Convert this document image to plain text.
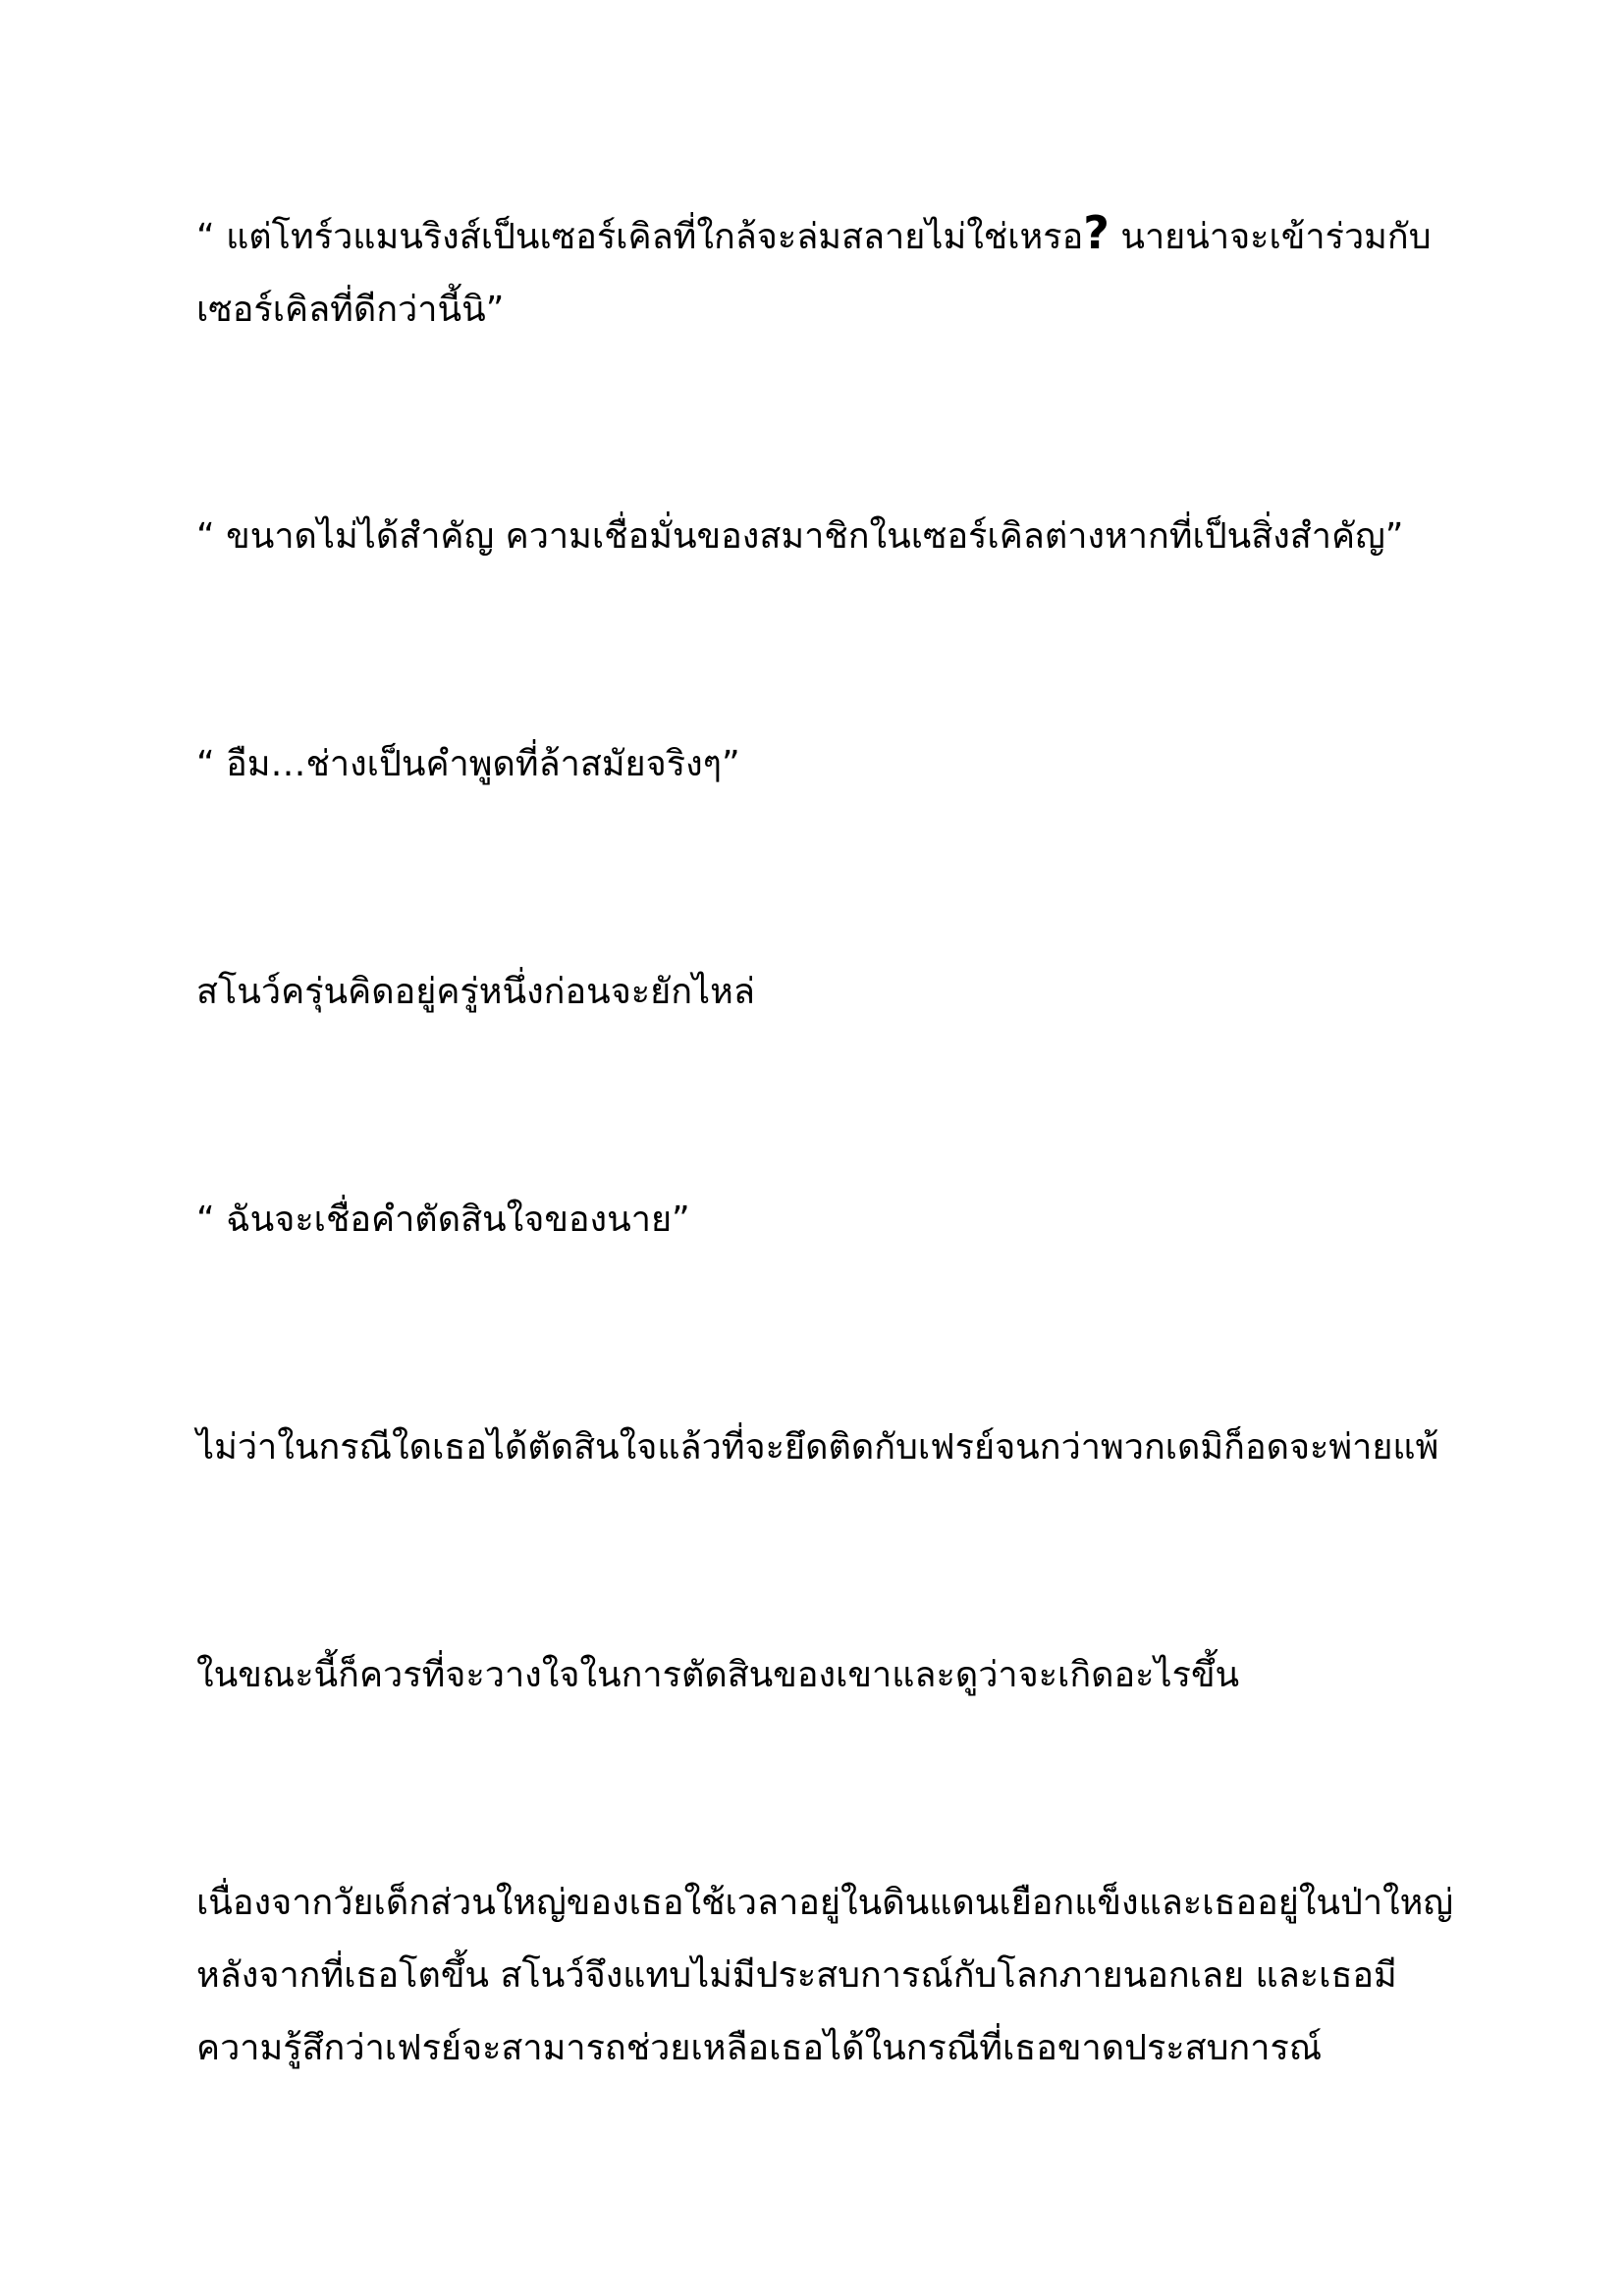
“ แต่โทร์วแมนริงส์เป็นเซอร์เคิลที่ใกล้จะล่มสลายไม่ใช่เหรอ? นายน่าจะเข้าร่วมกับ
เซอร์เคิลที่ดีกว่านี้นิ”

“ ขนาดไม่ได้สำคัญ ความเชื่อมั่นของสมาชิกในเซอร์เคิลต่างหากที่เป็นสิ่งสำคัญ”

“ อืม…ช่างเป็นคำพูดที่ล้าสมัยจริงๆ”

สโนว์ครุ่นคิดอยู่ครู่หนึ่งก่อนจะยักไหล่

“ ฉันจะเชื่อคำตัดสินใจของนาย”

ไม่ว่าในกรณีใดเธอได้ตัดสินใจแล้วที่จะยึดติดกับเฟรย์จนกว่าพวกเดมิก็อดจะพ่ายแพ้

ในขณะนี้ก็ควรที่จะวางใจในการตัดสินของเขาและดูว่าจะเกิดอะไรขึ้น

เนื่องจากวัยเด็กส่วนใหญ่ของเธอใช้เวลาอยู่ในดินแดนเยือกแข็งและเธออยู่ในป่าใหญ่
หลังจากที่เธอโตขึ้น สโนว์จึงแทบไม่มีประสบการณ์กับโลกภายนอกเลย และเธอมี
ความรู้สึกว่าเฟรย์จะสามารถช่วยเหลือเธอได้ในกรณีที่เธอขาดประสบการณ์
